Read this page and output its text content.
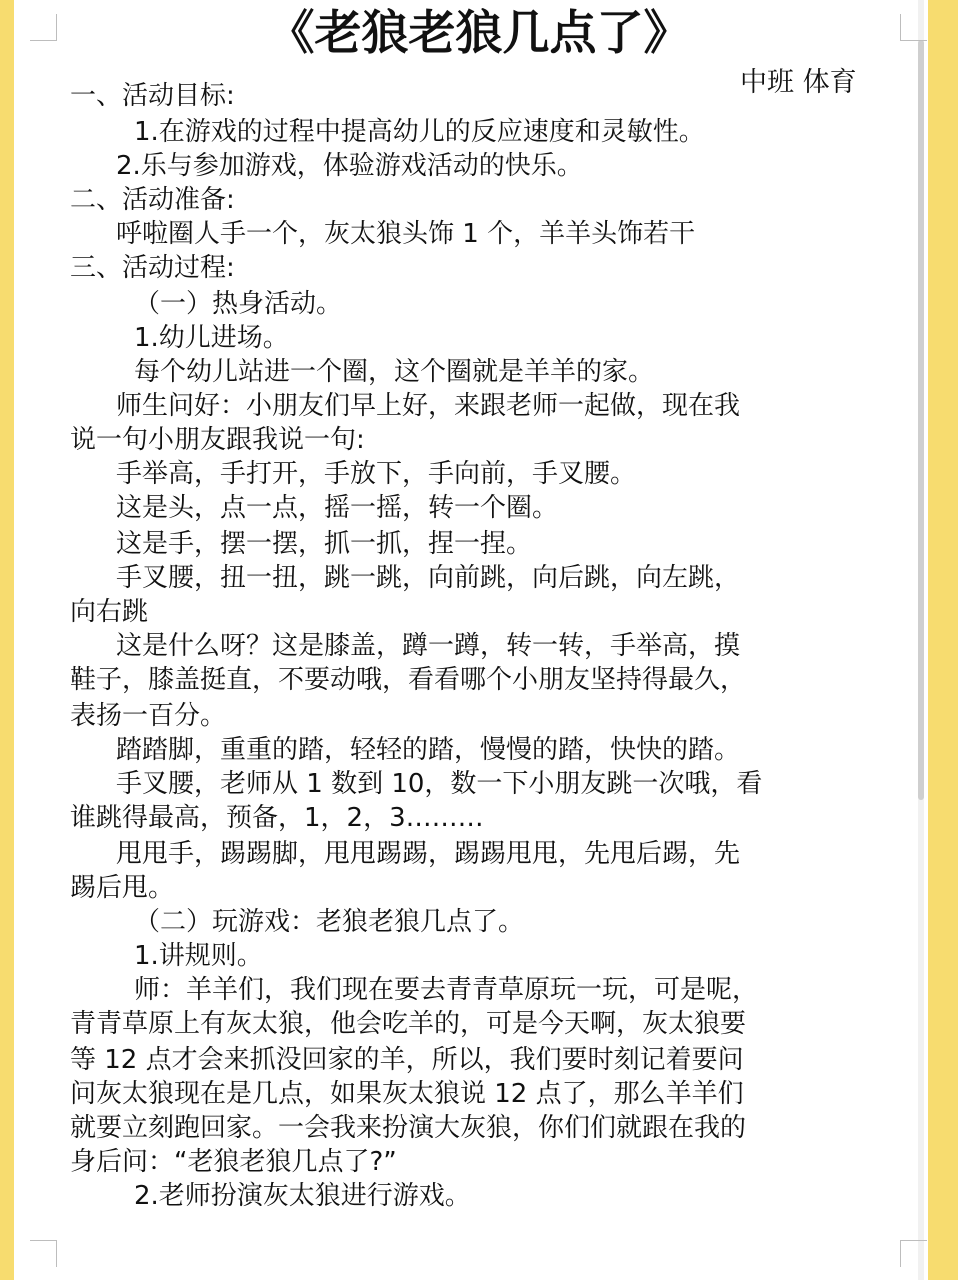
《老狼老狼几点了》
中班 体育
一、活动目标:
1.在游戏的过程中提高幼儿的反应速度和灵敏性。
2.乐与参加游戏，体验游戏活动的快乐。
二、活动准备:
呼啦圈人手一个，灰太狼头饰 1 个，羊羊头饰若干
三、活动过程:
（一）热身活动。
1.幼儿进场。
每个幼儿站进一个圈，这个圈就是羊羊的家。
师生问好：小朋友们早上好，来跟老师一起做，现在我
说一句小朋友跟我说一句:
手举高，手打开，手放下，手向前，手叉腰。
这是头，点一点，摇一摇，转一个圈。
这是手，摆一摆，抓一抓，捏一捏。
手叉腰，扭一扭，跳一跳，向前跳，向后跳，向左跳，
向右跳
这是什么呀？这是膝盖，蹲一蹲，转一转，手举高，摸
鞋子，膝盖挺直，不要动哦，看看哪个小朋友坚持得最久，
表扬一百分。
踏踏脚，重重的踏，轻轻的踏，慢慢的踏，快快的踏。
手叉腰，老师从 1 数到 10，数一下小朋友跳一次哦，看
谁跳得最高，预备，1，2，3………
甩甩手，踢踢脚，甩甩踢踢，踢踢甩甩，先甩后踢，先
踢后甩。
（二）玩游戏：老狼老狼几点了。
1.讲规则。
师：羊羊们，我们现在要去青青草原玩一玩，可是呢，
青青草原上有灰太狼，他会吃羊的，可是今天啊，灰太狼要
等 12 点才会来抓没回家的羊，所以，我们要时刻记着要问
问灰太狼现在是几点，如果灰太狼说 12 点了，那么羊羊们
就要立刻跑回家。一会我来扮演大灰狼，你们们就跟在我的
身后问：“老狼老狼几点了?”
2.老师扮演灰太狼进行游戏。
